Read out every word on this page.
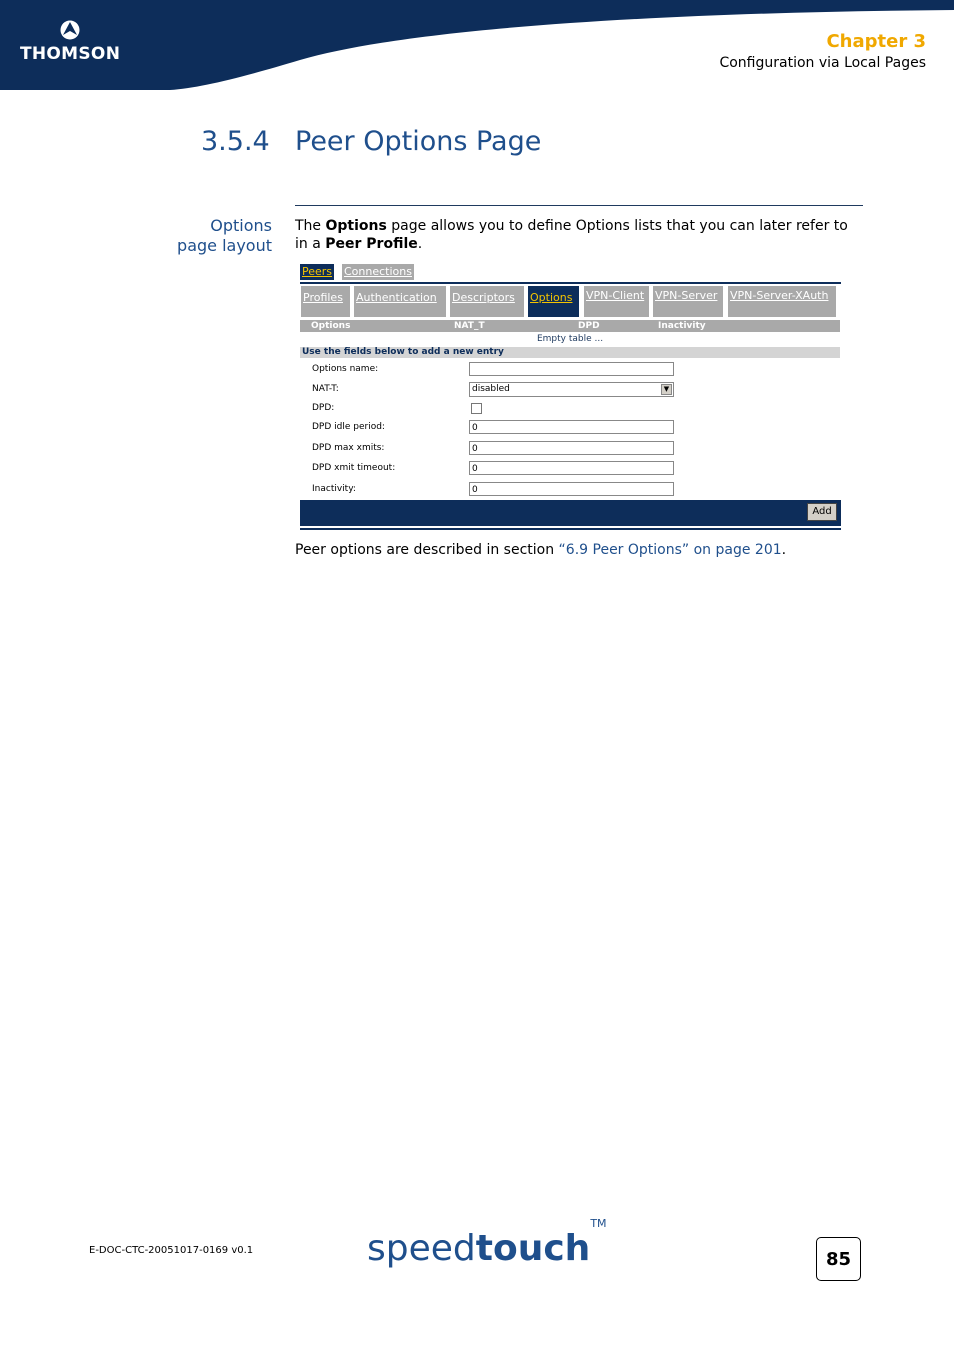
THOMSON
Chapter 3
Configuration via Local Pages
3.5.4 Peer Options Page
Options
page layout
The Options page allows you to define Options lists that you can later refer to in a Peer Profile.
Peers Connections
Profiles	Authentication	Descriptors	Options	VPN-Client VPN-Server	VPN-Server-XAuth
Options	NAT_T	DPD	Inactivity
Empty table ...
Use the fields below to add a new entry
Options name:
NAT-T:	disabled	▼
DPD:
DPD idle period:	0
DPD max xmits:	0
DPD xmit timeout:	0
Inactivity:	0
Add
Peer options are described in section “6.9 Peer Options” on page 201.
E-DOC-CTC-20051017-0169 v0.1	speedtouch™
85
